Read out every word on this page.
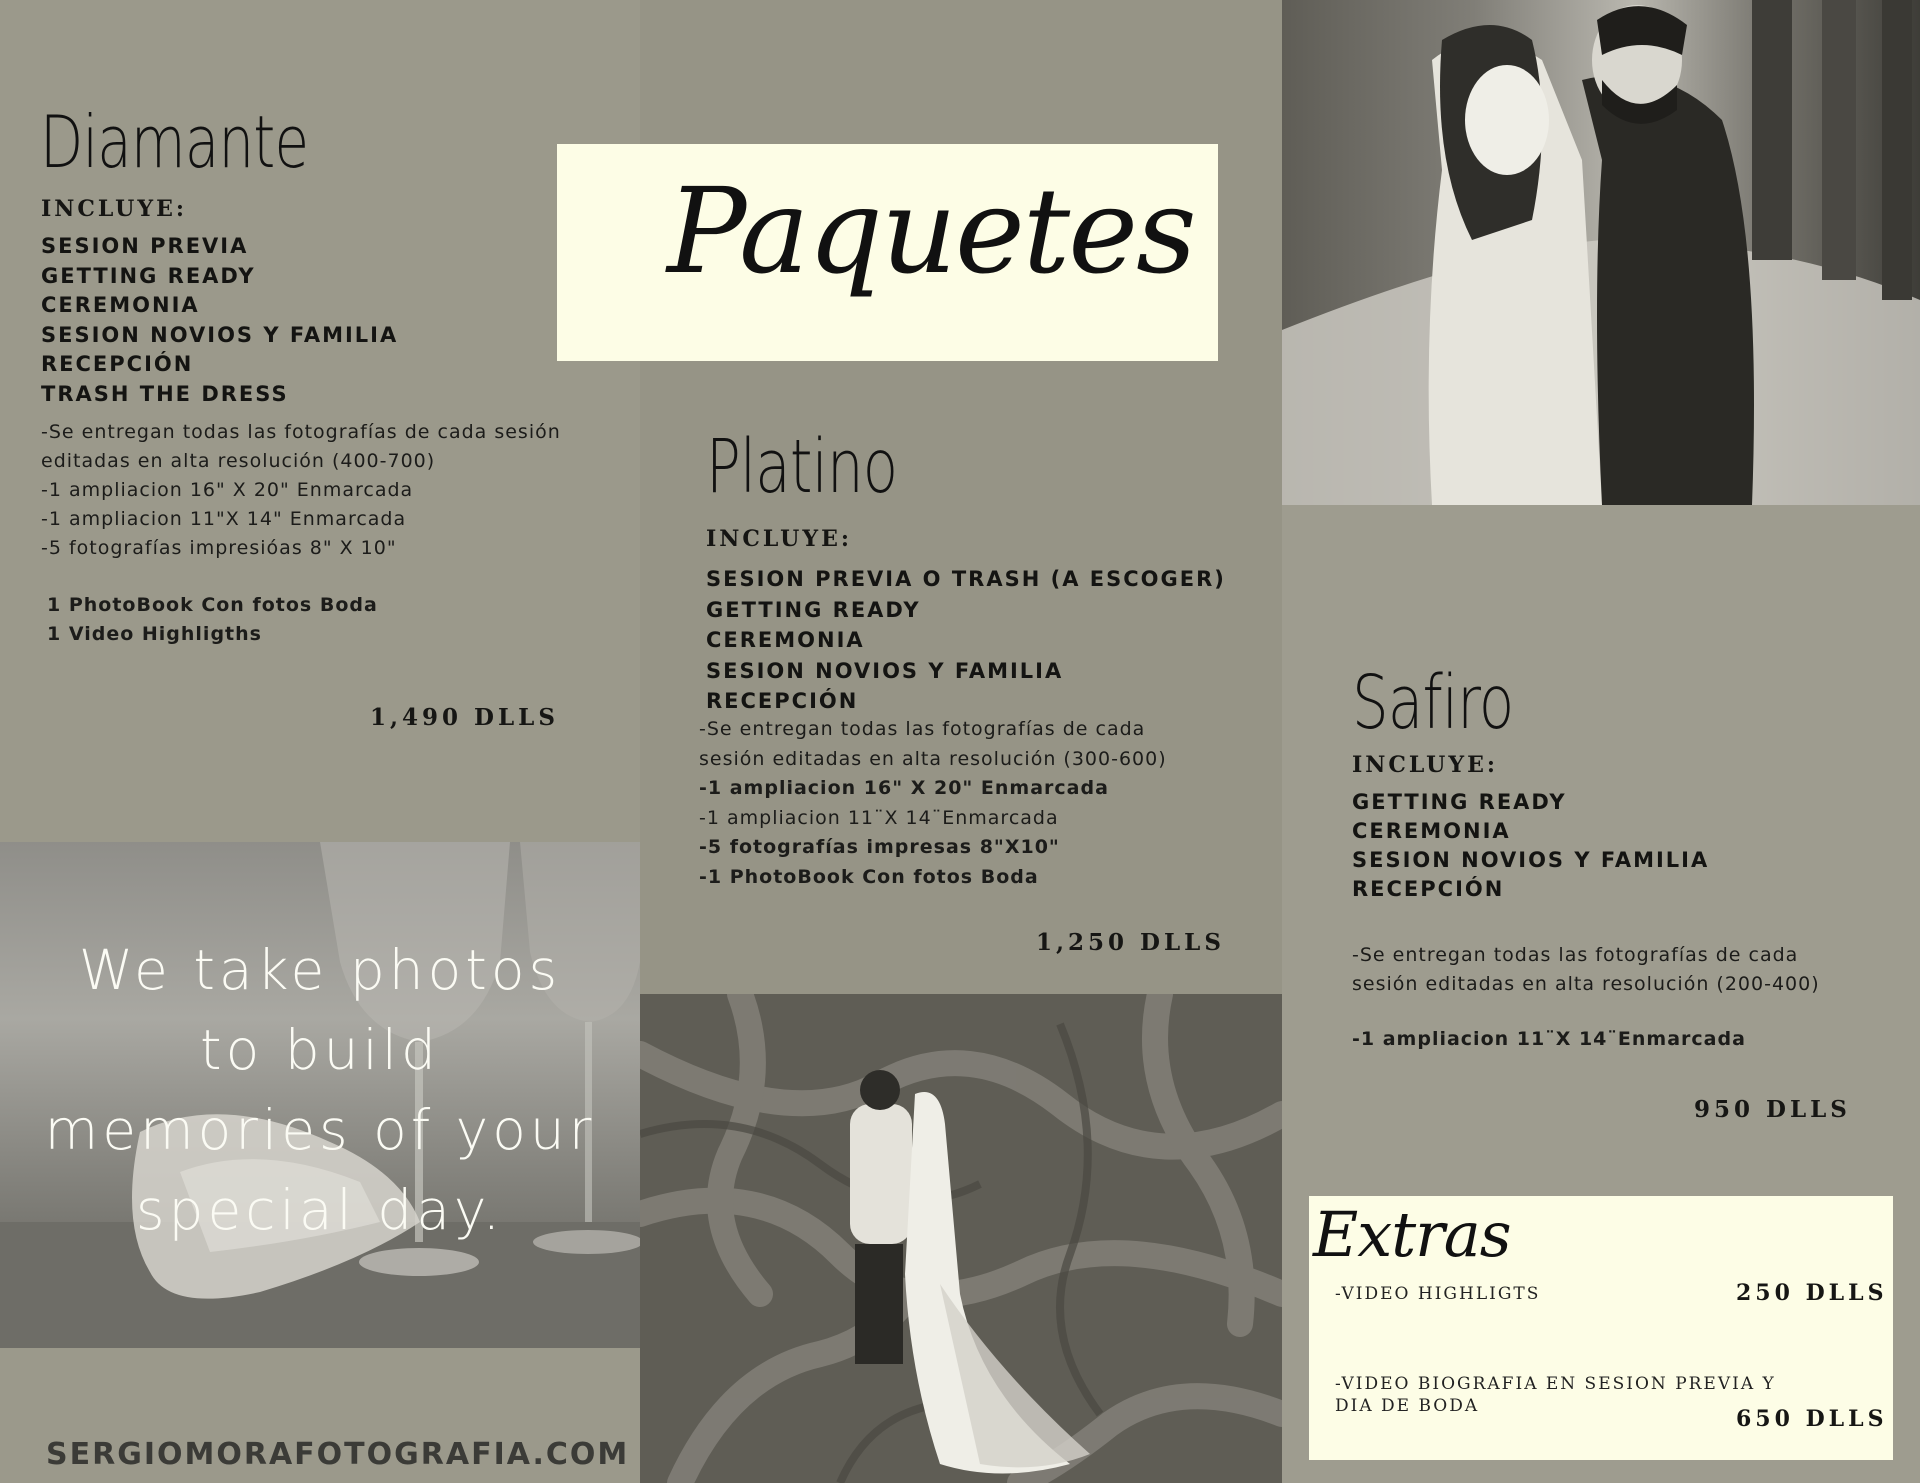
Diamante

INCLUYE:

SESION PREVIA
GETTING READY
CEREMONIA
SESION NOVIOS Y FAMILIA
RECEPCIÓN
TRASH THE DRESS
-Se entregan todas las fotografías de cada sesión
editadas en alta resolución (400-700)
-1 ampliacion 16" X 20" Enmarcada
-1 ampliacion 11"X 14" Enmarcada
-5 fotografías impresióas 8" X 10"
1 PhotoBook Con fotos Boda
1 Video Highligths

1,490 DLLS

We take photos
to build
memories of your
special day.

SERGIOMORAFOTOGRAFIA.COM

Paquetes
Platino

INCLUYE:

SESION PREVIA O TRASH (A ESCOGER)
GETTING READY
CEREMONIA
SESION NOVIOS Y FAMILIA
RECEPCIÓN
-Se entregan todas las fotografías de cada
sesión editadas en alta resolución (300-600)
-1 ampliacion 16" X 20" Enmarcada
-1 ampliacion 11¨X 14¨Enmarcada
-5 fotografías impresas 8"X10"
-1 PhotoBook Con fotos Boda

1,250 DLLS

Safiro

INCLUYE:

GETTING READY
CEREMONIA
SESION NOVIOS Y FAMILIA
RECEPCIÓN
-Se entregan todas las fotografías de cada
sesión editadas en alta resolución (200-400)

-1 ampliacion 11¨X 14¨Enmarcada

950 DLLS

Extras

-VIDEO HIGHLIGTS	250 DLLS

-VIDEO BIOGRAFIA EN SESION PREVIA Y

DIA DE BODA	650 DLLS
